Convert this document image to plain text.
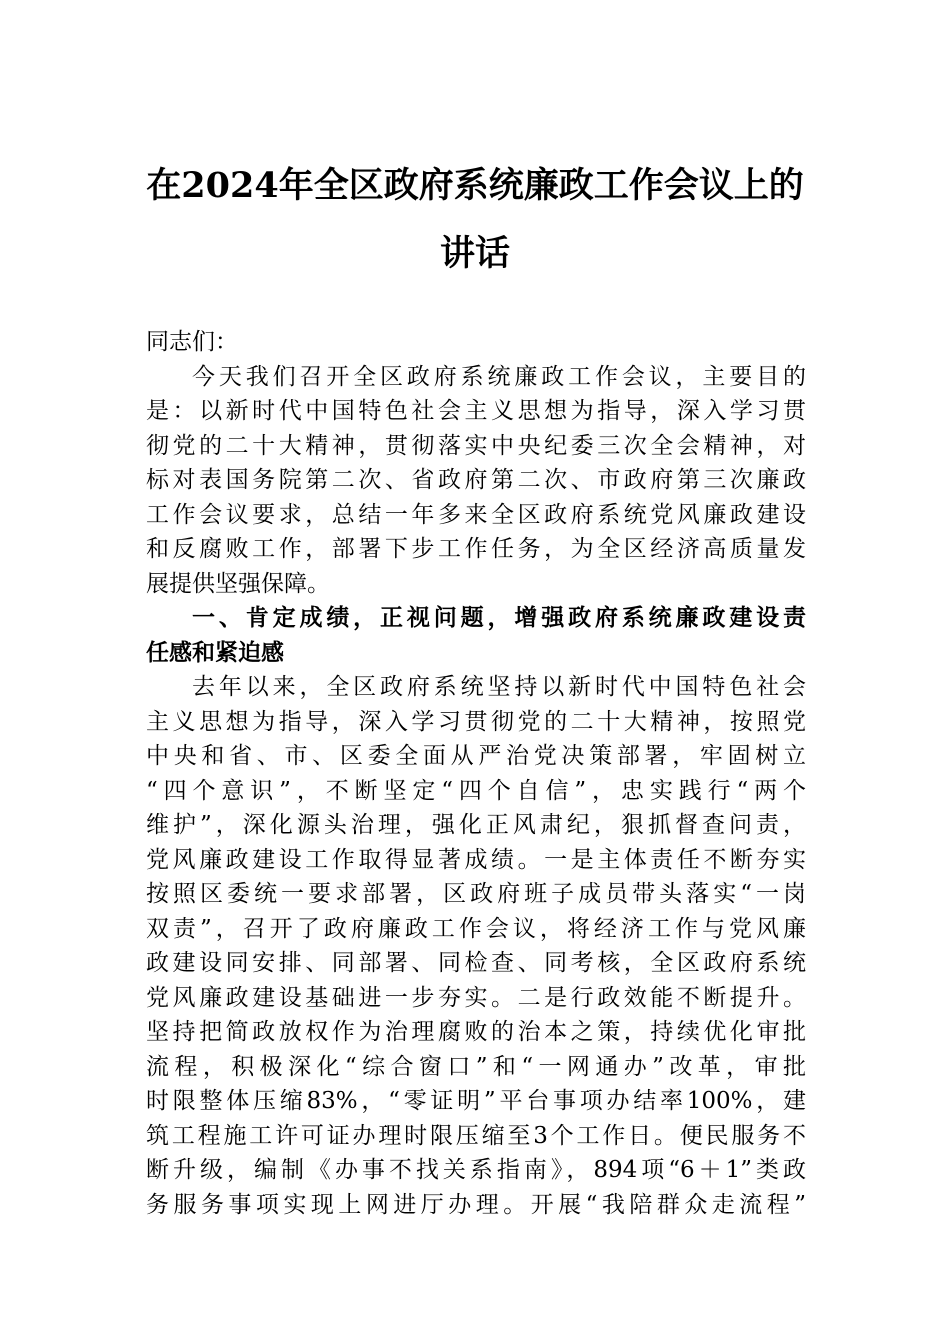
在2024年全区政府系统廉政工作会议上的
讲话
同志们：
今天我们召开全区政府系统廉政工作会议，主要目的
是：以新时代中国特色社会主义思想为指导，深入学习贯
彻党的二十大精神，贯彻落实中央纪委三次全会精神，对
标对表国务院第二次、省政府第二次、市政府第三次廉政
工作会议要求，总结一年多来全区政府系统党风廉政建设
和反腐败工作，部署下步工作任务，为全区经济高质量发
展提供坚强保障。
一、肯定成绩，正视问题，增强政府系统廉政建设责
任感和紧迫感
去年以来，全区政府系统坚持以新时代中国特色社会
主义思想为指导，深入学习贯彻党的二十大精神，按照党
中央和省、市、区委全面从严治党决策部署，牢固树立
“四个意识”，不断坚定“四个自信”，忠实践行“两个
维护”，深化源头治理，强化正风肃纪，狠抓督查问责，
党风廉政建设工作取得显著成绩。一是主体责任不断夯实
按照区委统一要求部署，区政府班子成员带头落实“一岗
双责”，召开了政府廉政工作会议，将经济工作与党风廉
政建设同安排、同部署、同检查、同考核，全区政府系统
党风廉政建设基础进一步夯实。二是行政效能不断提升。
坚持把简政放权作为治理腐败的治本之策，持续优化审批
流程，积极深化“综合窗口”和“一网通办”改革，审批
时限整体压缩83%，“零证明”平台事项办结率100%，建
筑工程施工许可证办理时限压缩至3个工作日。便民服务不
断升级，编制《办事不找关系指南》，894项“6＋1”类政
务服务事项实现上网进厅办理。开展“我陪群众走流程”
